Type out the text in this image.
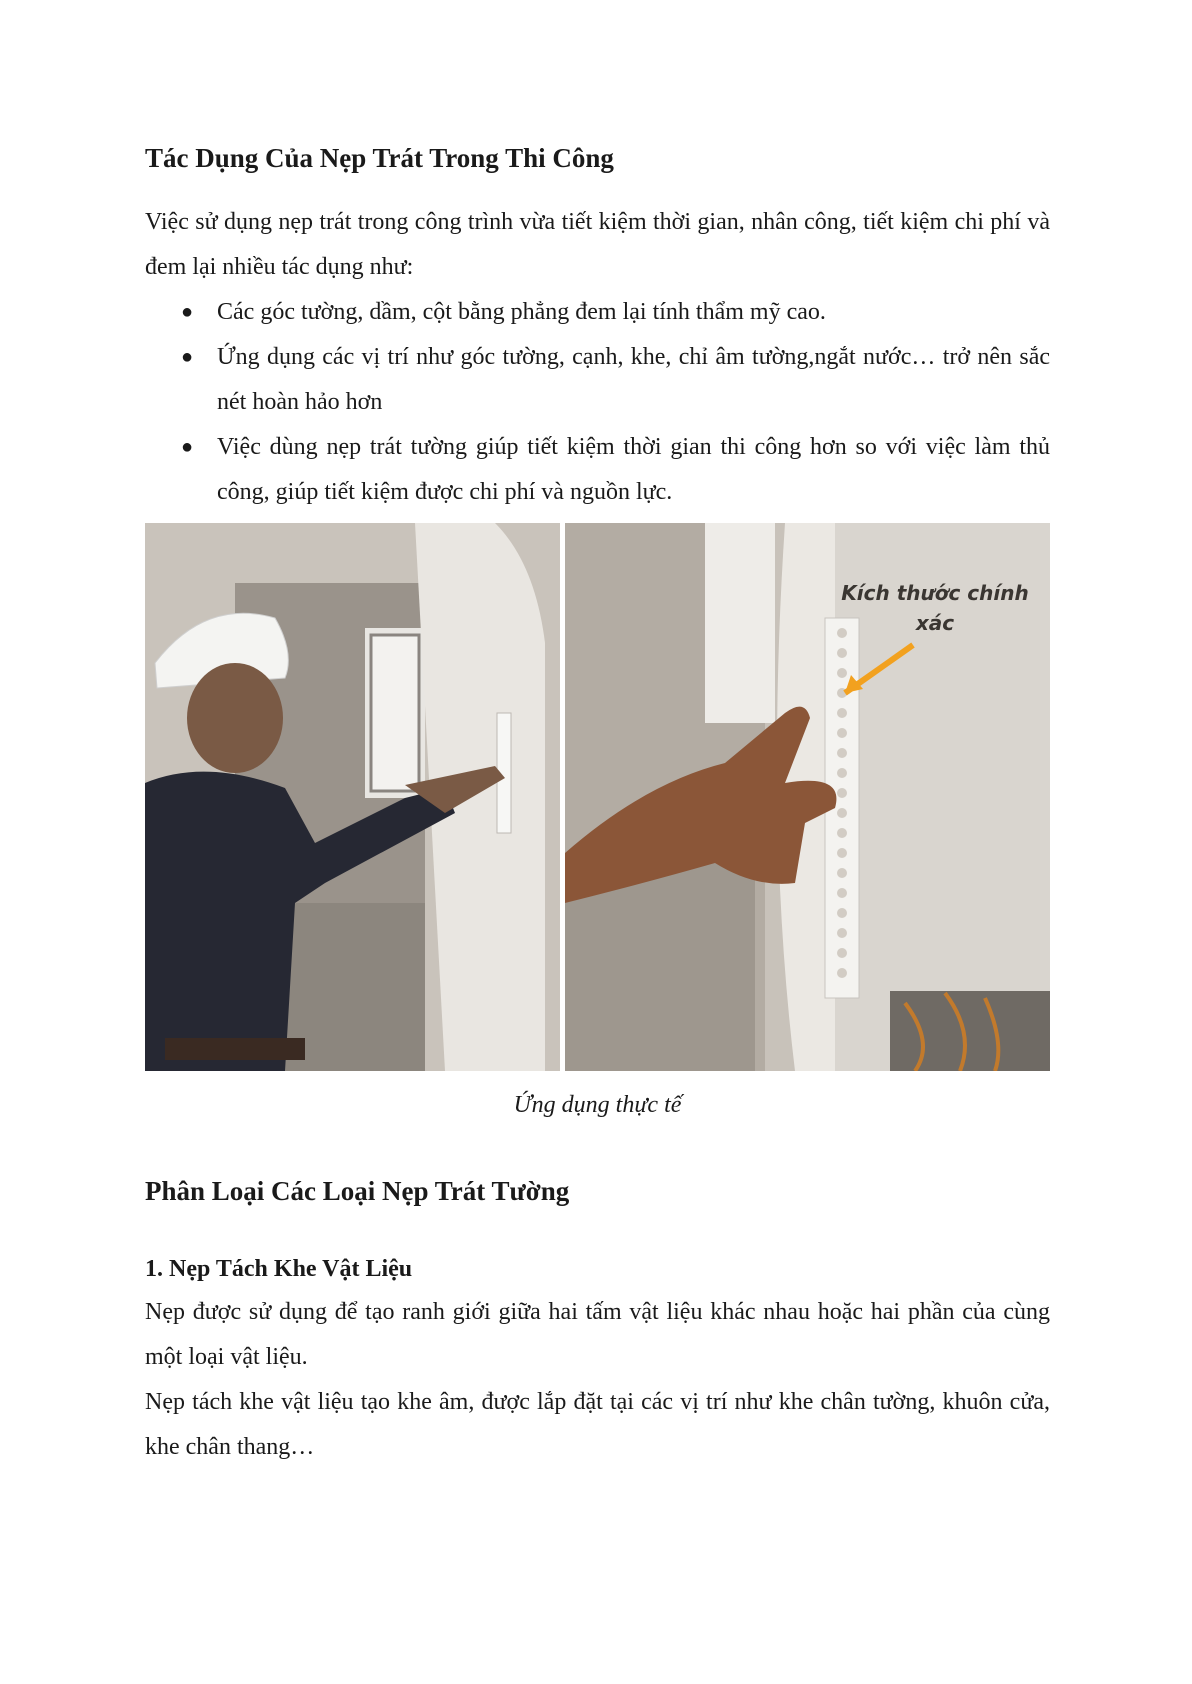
Tác Dụng Của Nẹp Trát Trong Thi Công

Việc sử dụng nẹp trát trong công trình vừa tiết kiệm thời gian, nhân công, tiết kiệm chi phí và đem lại nhiều tác dụng như:

● Các góc tường, dầm, cột bằng phẳng đem lại tính thẩm mỹ cao.
● Ứng dụng các vị trí như góc tường, cạnh, khe, chỉ âm tường,ngắt nước… trở nên sắc nét hoàn hảo hơn
● Việc dùng nẹp trát tường giúp tiết kiệm thời gian thi công hơn so với việc làm thủ công, giúp tiết kiệm được chi phí và nguồn lực.
Kích thước chính xác
Ứng dụng thực tế
Phân Loại Các Loại Nẹp Trát Tường
1. Nẹp Tách Khe Vật Liệu

Nẹp được sử dụng để tạo ranh giới giữa hai tấm vật liệu khác nhau hoặc hai phần của cùng một loại vật liệu.

Nẹp tách khe vật liệu tạo khe âm, được lắp đặt tại các vị trí như khe chân tường, khuôn cửa, khe chân thang…
